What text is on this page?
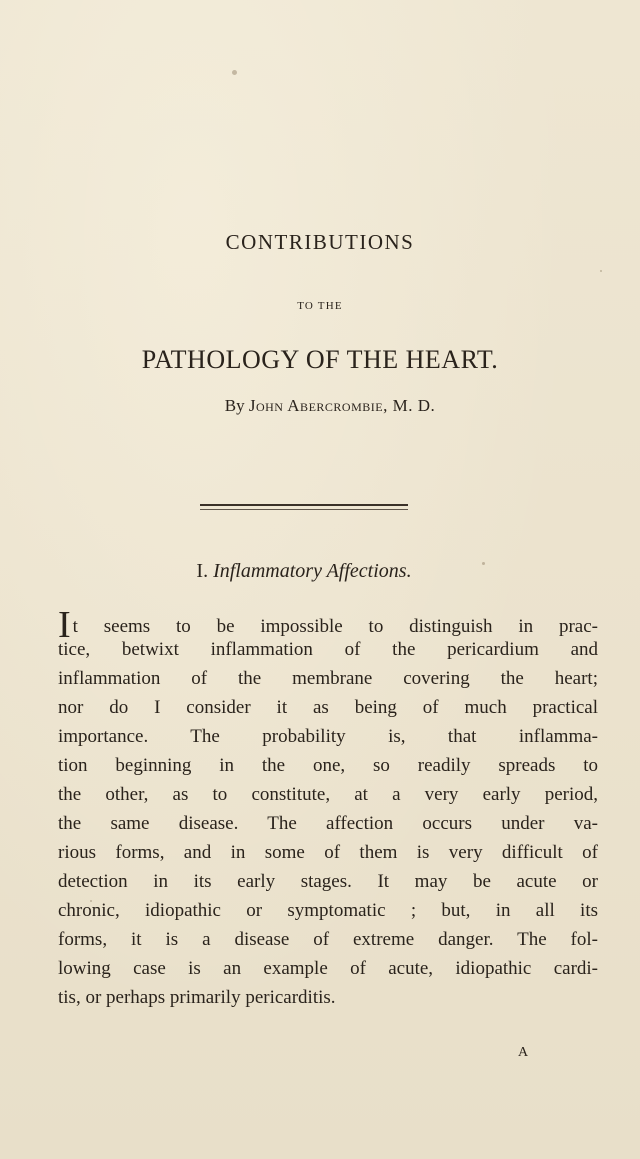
CONTRIBUTIONS
TO THE
PATHOLOGY OF THE HEART.
By John Abercrombie, M. D.
I. Inflammatory Affections.
It seems to be impossible to distinguish in prac-
tice, betwixt inflammation of the pericardium and
inflammation of the membrane covering the heart;
nor do I consider it as being of much practical
importance. The probability is, that inflamma-
tion beginning in the one, so readily spreads to
the other, as to constitute, at a very early period,
the same disease. The affection occurs under va-
rious forms, and in some of them is very difficult of
detection in its early stages. It may be acute or
chronic, idiopathic or symptomatic ; but, in all its
forms, it is a disease of extreme danger. The fol-
lowing case is an example of acute, idiopathic cardi-
tis, or perhaps primarily pericarditis.
A
